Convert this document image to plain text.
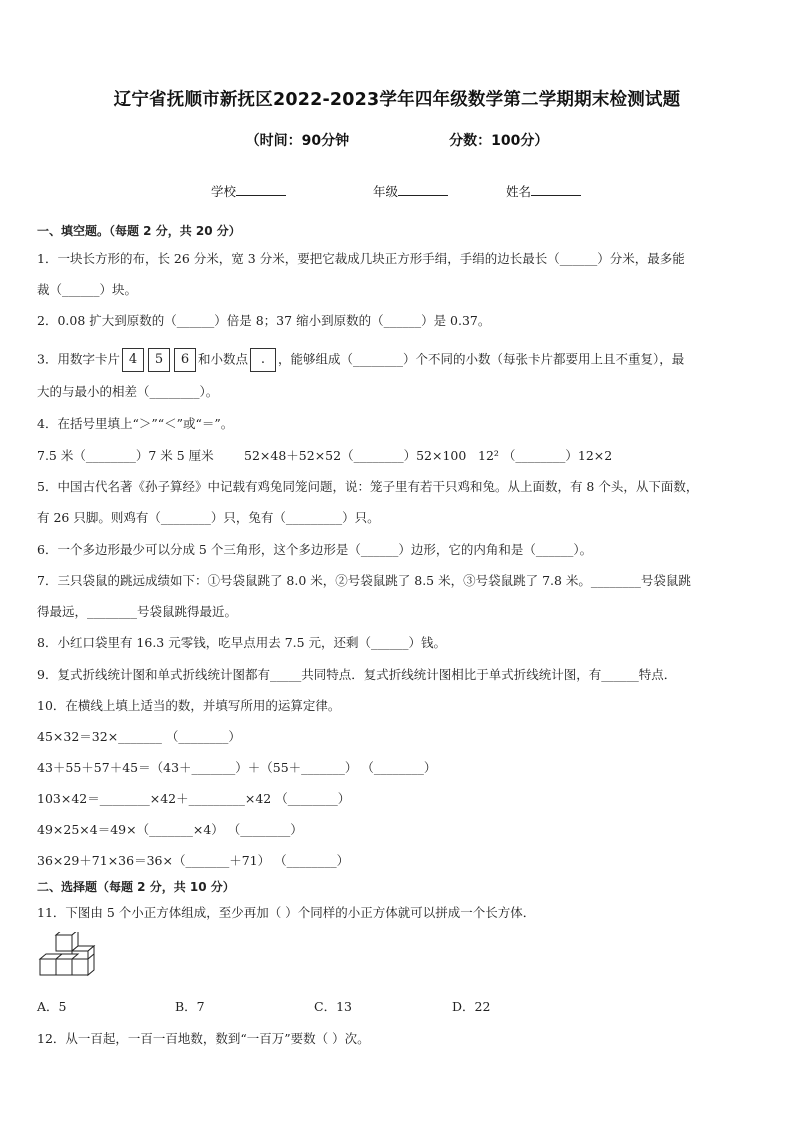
辽宁省抚顺市新抚区2022-2023学年四年级数学第二学期期末检测试题
（时间：90分钟	分数：100分）
学校	年级	姓名
一、填空题。（每题 2 分，共 20 分）
1．一块长方形的布，长 26 分米，宽 3 分米，要把它裁成几块正方形手绢，手绢的边长最长（______）分米，最多能
裁（______）块。
2．0.08 扩大到原数的（______）倍是 8；37 缩小到原数的（______）是 0.37。
3．用数字卡片 4 5 6 和小数点 . ，能够组成（________）个不同的小数（每张卡片都要用上且不重复），最
大的与最小的相差（________）。
4．在括号里填上“＞”“＜”或“＝”。
7.5 米（________）7 米 5 厘米 52×48＋52×52（________）52×100 12² （________）12×2
5．中国古代名著《孙子算经》中记载有鸡兔同笼问题，说：笼子里有若干只鸡和兔。从上面数，有 8 个头，从下面数，
有 26 只脚。则鸡有（________）只，兔有（_________）只。
6．一个多边形最少可以分成 5 个三角形，这个多边形是（______）边形，它的内角和是（______）。
7．三只袋鼠的跳远成绩如下：①号袋鼠跳了 8.0 米，②号袋鼠跳了 8.5 米，③号袋鼠跳了 7.8 米。________号袋鼠跳
得最远，________号袋鼠跳得最近。
8．小红口袋里有 16.3 元零钱，吃早点用去 7.5 元，还剩（______）钱。
9．复式折线统计图和单式折线统计图都有_____共同特点．复式折线统计图相比于单式折线统计图，有______特点．
10．在横线上填上适当的数，并填写所用的运算定律。
45×32＝32×_______ （________）
43＋55＋57＋45＝（43＋_______）＋（55＋_______） （________）
103×42＝________×42＋_________×42 （________）
49×25×4＝49×（_______×4） （________）
36×29＋71×36＝36×（_______＋71） （________）
二、选择题（每题 2 分，共 10 分）
11．下图由 5 个小正方体组成，至少再加（ ）个同样的小正方体就可以拼成一个长方体．
A．5	B．7	C．13	D．22
12．从一百起，一百一百地数，数到“一百万”要数（ ）次。
